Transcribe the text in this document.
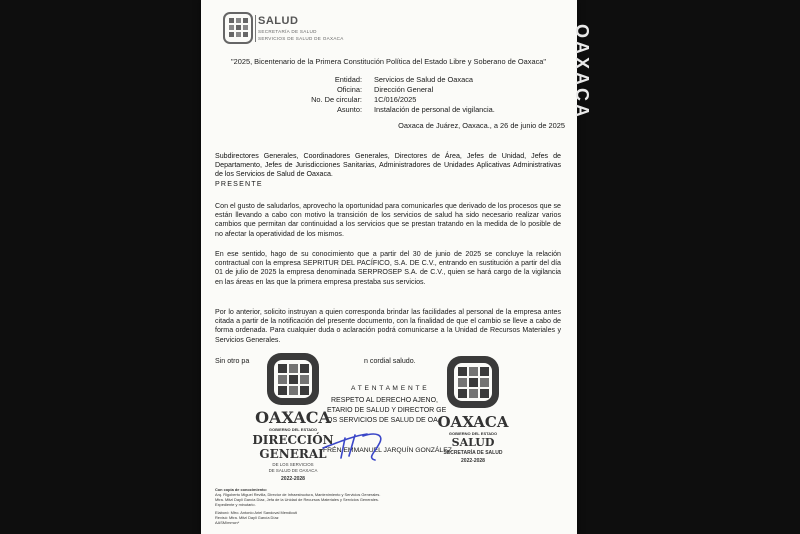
SALUD

SECRETARÍA DE SALUD

SERVICIOS DE SALUD DE OAXACA	OAXACA

"2025, Bicentenario de la Primera Constitución Política del Estado Libre y Soberano de Oaxaca"

Entidad: Servicios de Salud de Oaxaca

Oficina: Dirección General

No. De circular: 1C/016/2025

Asunto: Instalación de personal de vigilancia.

Oaxaca de Juárez, Oaxaca., a 26 de junio de 2025

Subdirectores Generales, Coordinadores Generales, Directores de Área, Jefes de Unidad, Jefes de Departamento, Jefes de Jurisdicciones Sanitarias, Administradores de Unidades Aplicativas Administrativas de los Servicios de Salud de Oaxaca.

PRESENTE

Con el gusto de saludarlos, aprovecho la oportunidad para comunicarles que derivado de los procesos que se están llevando a cabo con motivo la transición de los servicios de salud ha sido necesario realizar varios cambios que permitan dar continuidad a los servicios que se prestan tratando en la medida de lo posible de no afectar la operatividad de los mismos.

En ese sentido, hago de su conocimiento que a partir del 30 de junio de 2025 se concluye la relación contractual con la empresa SEPRITUR DEL PACÍFICO, S.A. DE C.V., entrando en sustitución a partir del día 01 de julio de 2025 la empresa denominada SERPROSEP S.A. de C.V., quien se hará cargo de la vigilancia en las áreas en las que la primera empresa prestaba sus servicios.

Por lo anterior, solicito instruyan a quien corresponda brindar las facilidades al personal de la empresa antes citada a partir de la notificación del presente documento, con la finalidad de que el cambio se lleve a cabo de forma ordenada. Para cualquier duda o aclaración podrá comunicarse a la Unidad de Recursos Materiales y Servicios Generales.

Sin otro pa	n cordial saludo.

A T E N T A M E N T E

RESPETO AL DERECHO AJENO,

ETARIO DE SALUD Y DIRECTOR GE

OS SERVICIOS DE SALUD DE OA

FRÉN EMMANUEL JARQUÍN GONZÁLEZ

OAXACA

GOBIERNO DEL ESTADO

DIRECCIÓN

GENERAL

DE LOS SERVICIOS

DE SALUD DE OAXACA

2022-2028

OAXACA

GOBIERNO DEL ESTADO

SALUD

SECRETARÍA DE SALUD

2022-2028

Con copia de conocimiento:

Arq. Rigoberto Miguel Revilla, Director de Infraestructura, Mantenimiento y Servicios Generales.

Mtra. Mitzi Dayli García Díaz, Jefa de la Unidad de Recursos Materiales y Servicios Generales.

Expediente y minutario.

Elaboró: Mtro. Antonio Ariel Sandoval Mendicuti

Revisó: Mtra. Mitzi Dayli García Díaz

AASM/mmcn*
